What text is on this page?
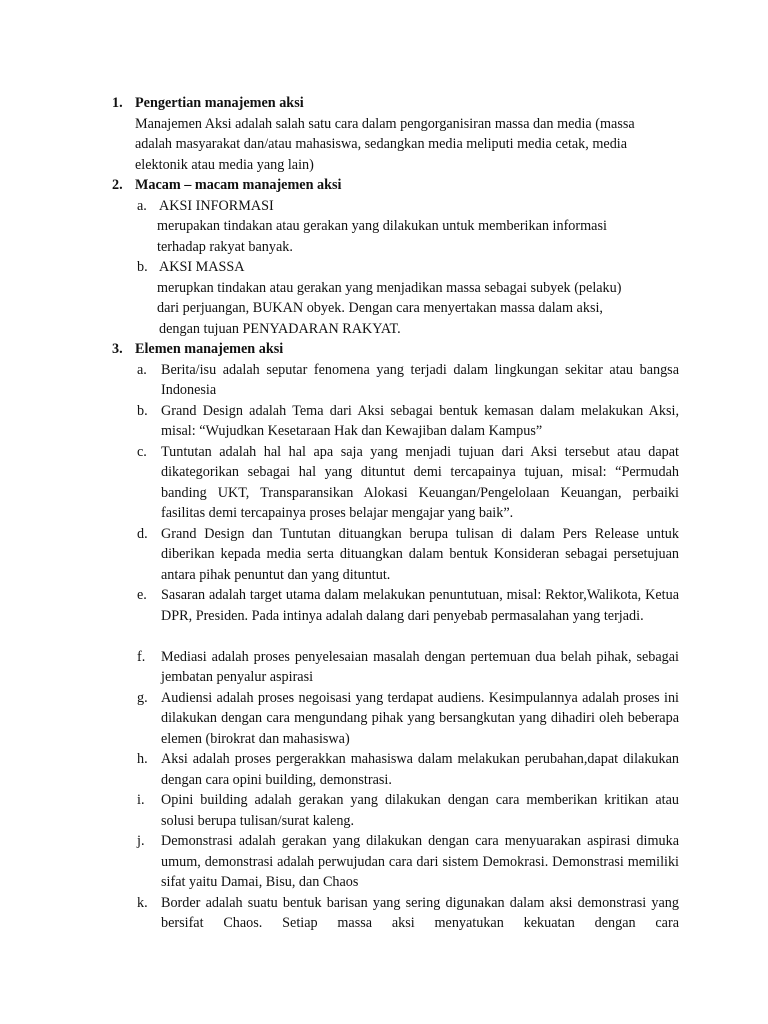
1. Pengertian manajemen aksi
Manajemen Aksi adalah salah satu cara dalam pengorganisiran massa dan media (massa
adalah masyarakat dan/atau mahasiswa, sedangkan media meliputi media cetak, media
elektonik atau media yang lain)
2. Macam – macam manajemen aksi
a. AKSI INFORMASI
merupakan tindakan atau gerakan yang dilakukan untuk memberikan informasi
terhadap rakyat banyak.
b. AKSI MASSA
merupkan tindakan atau gerakan yang menjadikan massa sebagai subyek (pelaku)
dari perjuangan, BUKAN obyek. Dengan cara menyertakan massa dalam aksi,
dengan tujuan PENYADARAN RAKYAT.
3. Elemen manajemen aksi
a. Berita/isu adalah seputar fenomena yang terjadi dalam lingkungan sekitar atau bangsa Indonesia
b. Grand Design adalah Tema dari Aksi sebagai bentuk kemasan dalam melakukan Aksi, misal: “Wujudkan Kesetaraan Hak dan Kewajiban dalam Kampus”
c. Tuntutan adalah hal hal apa saja yang menjadi tujuan dari Aksi tersebut atau dapat dikategorikan sebagai hal yang dituntut demi tercapainya tujuan, misal: “Permudah banding UKT, Transparansikan Alokasi Keuangan/Pengelolaan Keuangan, perbaiki fasilitas demi tercapainya proses belajar mengajar yang baik”.
d. Grand Design dan Tuntutan dituangkan berupa tulisan di dalam Pers Release untuk diberikan kepada media serta dituangkan dalam bentuk Konsideran sebagai persetujuan antara pihak penuntut dan yang dituntut.
e. Sasaran adalah target utama dalam melakukan penuntutuan, misal: Rektor,Walikota, Ketua DPR, Presiden. Pada intinya adalah dalang dari penyebab permasalahan yang terjadi.
f.	Mediasi adalah proses penyelesaian masalah dengan pertemuan dua belah pihak, sebagai jembatan penyalur aspirasi
g. Audiensi adalah proses negoisasi yang terdapat audiens. Kesimpulannya adalah proses ini dilakukan dengan cara mengundang pihak yang bersangkutan yang dihadiri oleh beberapa elemen (birokrat dan mahasiswa)
h. Aksi adalah proses pergerakkan mahasiswa dalam melakukan perubahan,dapat dilakukan dengan cara opini building, demonstrasi.
i.	Opini building adalah gerakan yang dilakukan dengan cara memberikan kritikan atau solusi berupa tulisan/surat kaleng.
j.	Demonstrasi adalah gerakan yang dilakukan dengan cara menyuarakan aspirasi dimuka umum, demonstrasi adalah perwujudan cara dari sistem Demokrasi. Demonstrasi memiliki sifat yaitu Damai, Bisu, dan Chaos
k. Border adalah suatu bentuk barisan yang sering digunakan dalam aksi demonstrasi yang bersifat Chaos. Setiap massa aksi menyatukan kekuatan dengan cara
